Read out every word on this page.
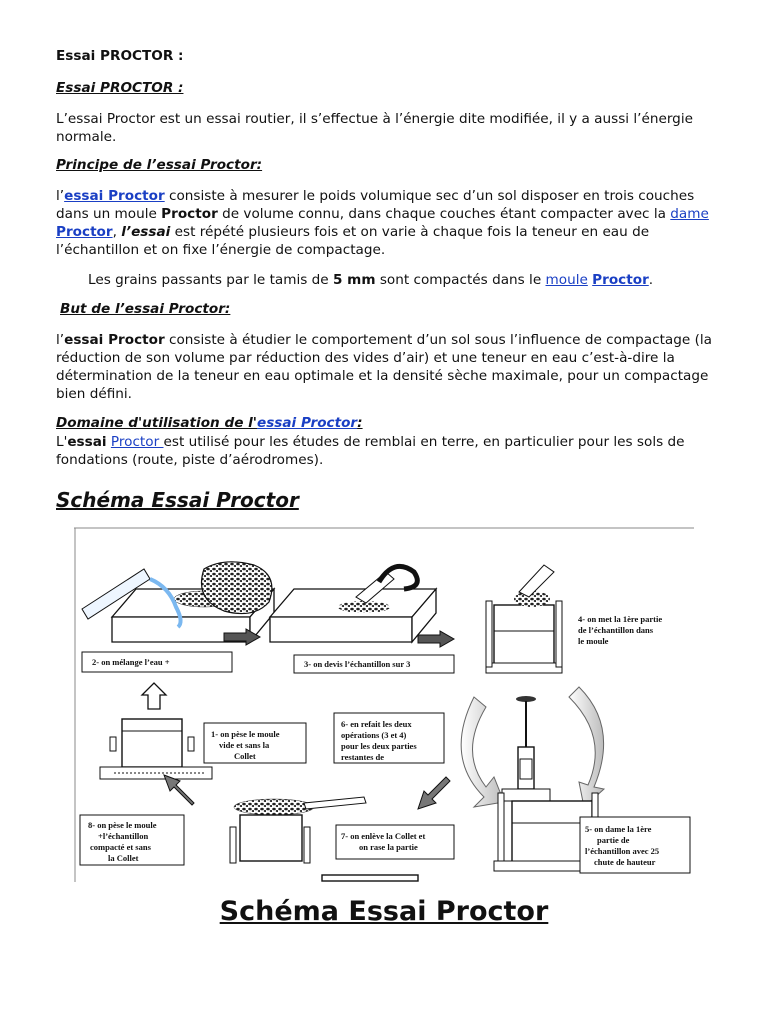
Essai PROCTOR :

Essai PROCTOR :

L’essai Proctor est un essai routier, il s’effectue à l’énergie dite modifiée, il y a aussi l’énergie normale.

Principe de l’essai Proctor:

l’essai Proctor consiste à mesurer le poids volumique sec d’un sol disposer en trois couches dans un moule Proctor de volume connu, dans chaque couches étant compacter avec la dame Proctor, l’essai est répété plusieurs fois et on varie à chaque fois la teneur en eau de l’échantillon et on fixe l’énergie de compactage.

Les grains passants par le tamis de 5 mm sont compactés dans le moule Proctor.

But de l’essai Proctor:

l’essai Proctor consiste à étudier le comportement d’un sol sous l’influence de compactage (la réduction de son volume par réduction des vides d’air) et une teneur en eau c’est-à-dire la détermination de la teneur en eau optimale et la densité sèche maximale, pour un compactage bien défini.

Domaine d'utilisation de l'essai Proctor:

L'essai Proctor est utilisé pour les études de remblai en terre, en particulier pour les sols de fondations (route, piste d’aérodromes).

Schéma Essai Proctor

2- on mélange l’eau +	3- on devis l’échantillon sur 3
4- on met la 1ère partie
de l’échantillon dans
le moule
1- on pèse le moule
vide et sans la
Collet
6- en refait les deux
opérations (3 et 4)
pour les deux parties
restantes de
5- on dame la 1ère
partie de
l’échantillon avec 25
chute de hauteur
7- on enlève la Collet et
on rase la partie
8- on pèse le moule
+l’échantillon
compacté et sans
la Collet

Schéma Essai Proctor
